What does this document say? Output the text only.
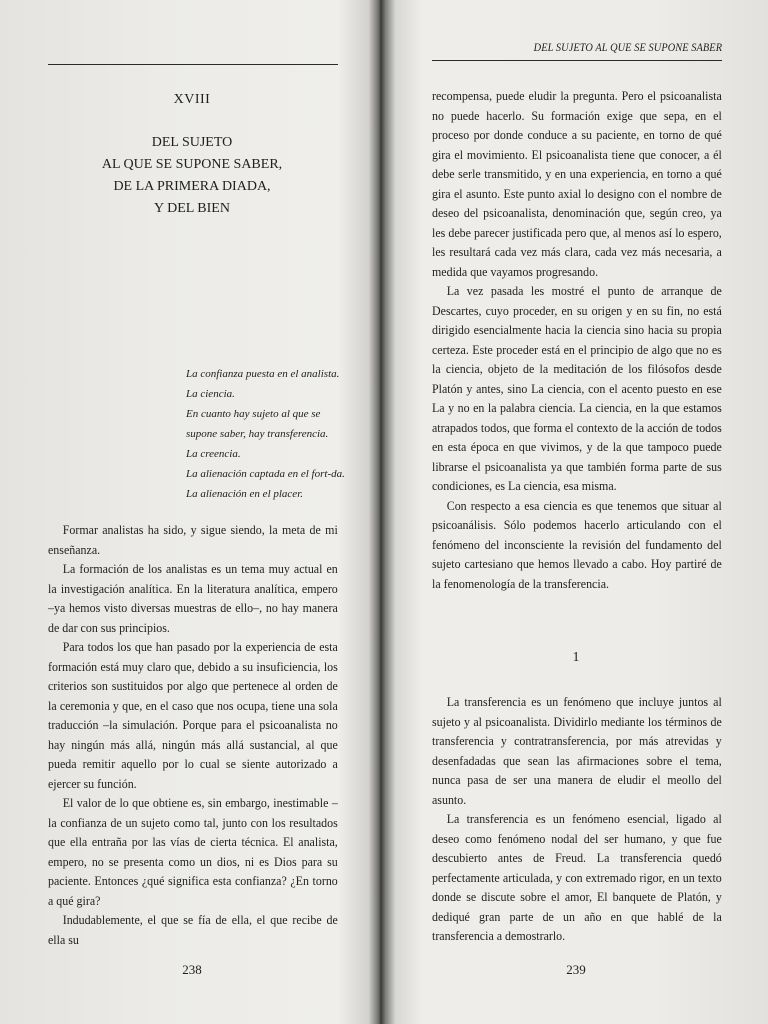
XVIII
DEL SUJETO
AL QUE SE SUPONE SABER,
DE LA PRIMERA DIADA,
Y DEL BIEN
La confianza puesta en el analista.
La ciencia.
En cuanto hay sujeto al que se
supone saber, hay transferencia.
La creencia.
La alienación captada en el fort-da.
La alienación en el placer.

Formar analistas ha sido, y sigue siendo, la meta de mi enseñanza.

La formación de los analistas es un tema muy actual en la investigación analítica. En la literatura analítica, empero –ya hemos visto diversas muestras de ello–, no hay manera de dar con sus principios.

Para todos los que han pasado por la experiencia de esta formación está muy claro que, debido a su insuficiencia, los criterios son sustituidos por algo que pertenece al orden de la ceremonia y que, en el caso que nos ocupa, tiene una sola traducción –la simulación. Porque para el psicoanalista no hay ningún más allá, ningún más allá sustancial, al que pueda remitir aquello por lo cual se siente autorizado a ejercer su función.

El valor de lo que obtiene es, sin embargo, inestimable –la confianza de un sujeto como tal, junto con los resultados que ella entraña por las vías de cierta técnica. El analista, empero, no se presenta como un dios, ni es Dios para su paciente. Entonces ¿qué significa esta confianza? ¿En torno a qué gira?

Indudablemente, el que se fía de ella, el que recibe de ella su

238
DEL SUJETO AL QUE SE SUPONE SABER

recompensa, puede eludir la pregunta. Pero el psicoanalista no puede hacerlo. Su formación exige que sepa, en el proceso por donde conduce a su paciente, en torno de qué gira el movimiento. El psicoanalista tiene que conocer, a él debe serle transmitido, y en una experiencia, en torno a qué gira el asunto. Este punto axial lo designo con el nombre de deseo del psicoanalista, denominación que, según creo, ya les debe parecer justificada pero que, al menos así lo espero, les resultará cada vez más clara, cada vez más necesaria, a medida que vayamos progresando.

La vez pasada les mostré el punto de arranque de Descartes, cuyo proceder, en su origen y en su fin, no está dirigido esencialmente hacia la ciencia sino hacia su propia certeza. Este proceder está en el principio de algo que no es la ciencia, objeto de la meditación de los filósofos desde Platón y antes, sino La ciencia, con el acento puesto en ese La y no en la palabra ciencia. La ciencia, en la que estamos atrapados todos, que forma el contexto de la acción de todos en esta época en que vivimos, y de la que tampoco puede librarse el psicoanalista ya que también forma parte de sus condiciones, es La ciencia, esa misma.

Con respecto a esa ciencia es que tenemos que situar al psicoanálisis. Sólo podemos hacerlo articulando con el fenómeno del inconsciente la revisión del fundamento del sujeto cartesiano que hemos llevado a cabo. Hoy partiré de la fenomenología de la transferencia.

1

La transferencia es un fenómeno que incluye juntos al sujeto y al psicoanalista. Dividirlo mediante los términos de transferencia y contratransferencia, por más atrevidas y desenfadadas que sean las afirmaciones sobre el tema, nunca pasa de ser una manera de eludir el meollo del asunto.

La transferencia es un fenómeno esencial, ligado al deseo como fenómeno nodal del ser humano, y que fue descubierto antes de Freud. La transferencia quedó perfectamente articulada, y con extremado rigor, en un texto donde se discute sobre el amor, El banquete de Platón, y dediqué gran parte de un año en que hablé de la transferencia a demostrarlo.

239
